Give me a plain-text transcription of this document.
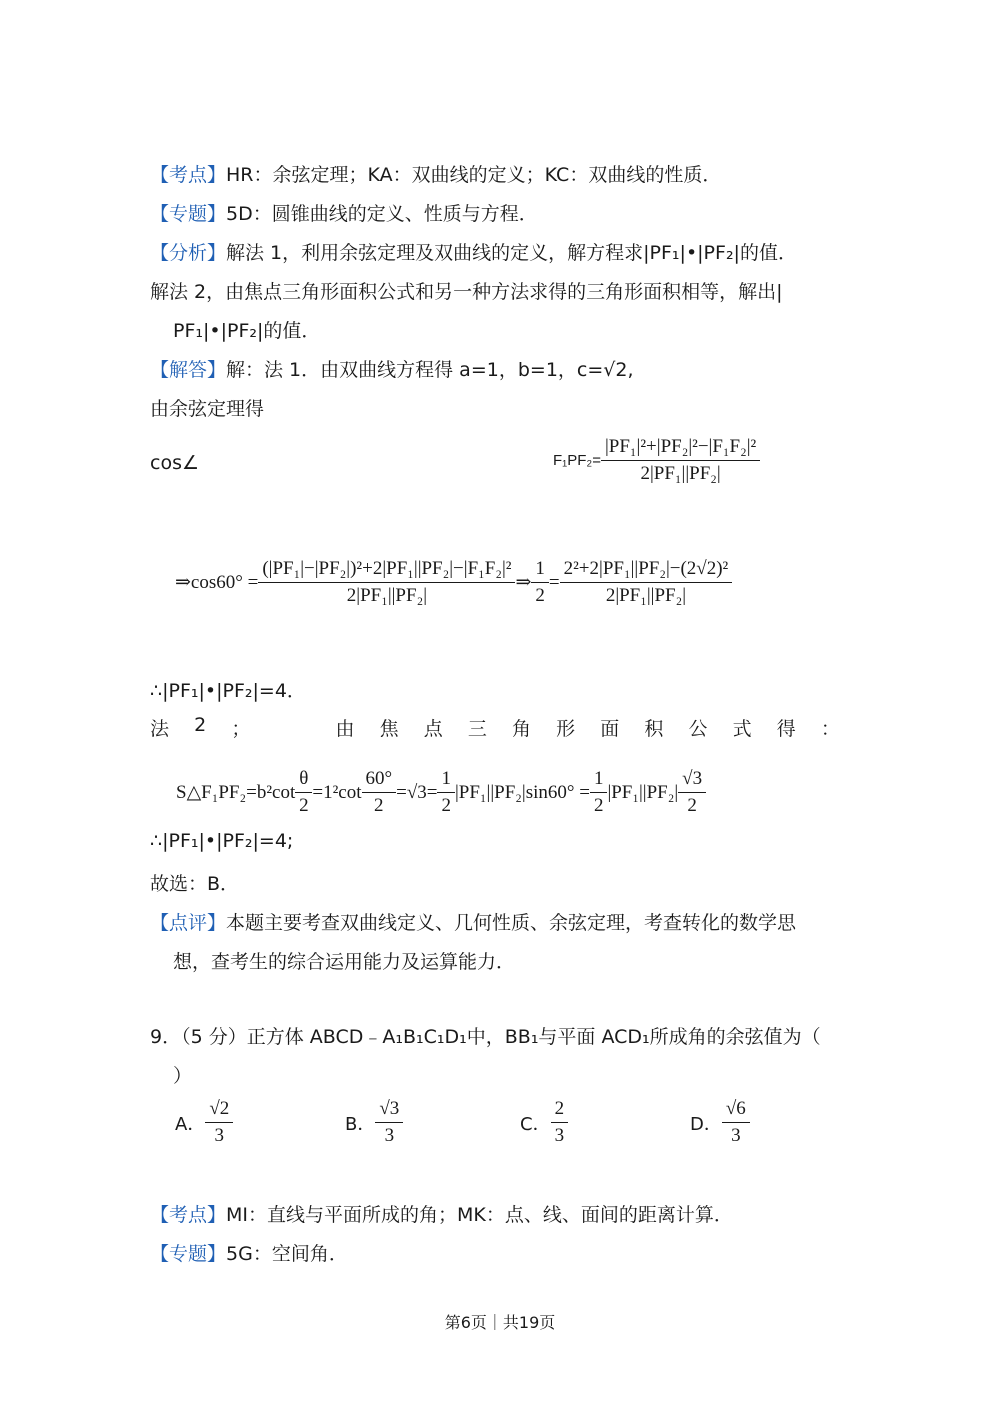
【考点】HR：余弦定理；KA：双曲线的定义；KC：双曲线的性质．
【专题】5D：圆锥曲线的定义、性质与方程．
【分析】解法 1，利用余弦定理及双曲线的定义，解方程求|PF₁|•|PF₂|的值．
解法 2，由焦点三角形面积公式和另一种方法求得的三角形面积相等，解出|
PF₁|•|PF₂|的值．
【解答】解：法 1．由双曲线方程得 a=1，b=1，c=√2,
由余弦定理得
cos∠	$F_1PF_2= \frac{\text{|PF₁|²+|PF₂|²−|F₁F₂|²}}{\text{2|PF₁||PF₂|}}$
⇒cos60° = $\frac{\text{(|PF₁|−|PF₂|)²+2|PF₁||PF₂|−|F₁F₂|²}}{\text{2|PF₁||PF₂|}}$ ⇒ $\frac{1}{2} = \frac{\text{2²+2|PF₁||PF₂|−(2√2)²}}{\text{2|PF₁||PF₂|}}$
∴|PF₁|•|PF₂|=4．
法 2 ；	由 焦 点 三 角 形 面 积 公 式 得 ：
S△F₁PF₂=b²cot $\frac{\theta}{2} =1^2\cot \frac{60^\circ}{2} =√3= \frac{1}{2} |PF_1||PF_2|\sin 60^\circ = \frac{1}{2} |PF_1||PF_2| \frac{√3}{2}$
∴|PF₁|•|PF₂|=4;
故选：B．
【点评】本题主要考查双曲线定义、几何性质、余弦定理，考查转化的数学思
想，查考生的综合运用能力及运算能力．
9．（5 分）正方体 ABCD﹣A₁B₁C₁D₁中，BB₁与平面 ACD₁所成角的余弦值为（
）
A． $\frac{√2}{3}$	B． $\frac{√3}{3}$	C． $\frac{2}{3}$	D． $\frac{√6}{3}$
【考点】MI：直线与平面所成的角；MK：点、线、面间的距离计算．
【专题】5G：空间角．
第6页｜共19页
